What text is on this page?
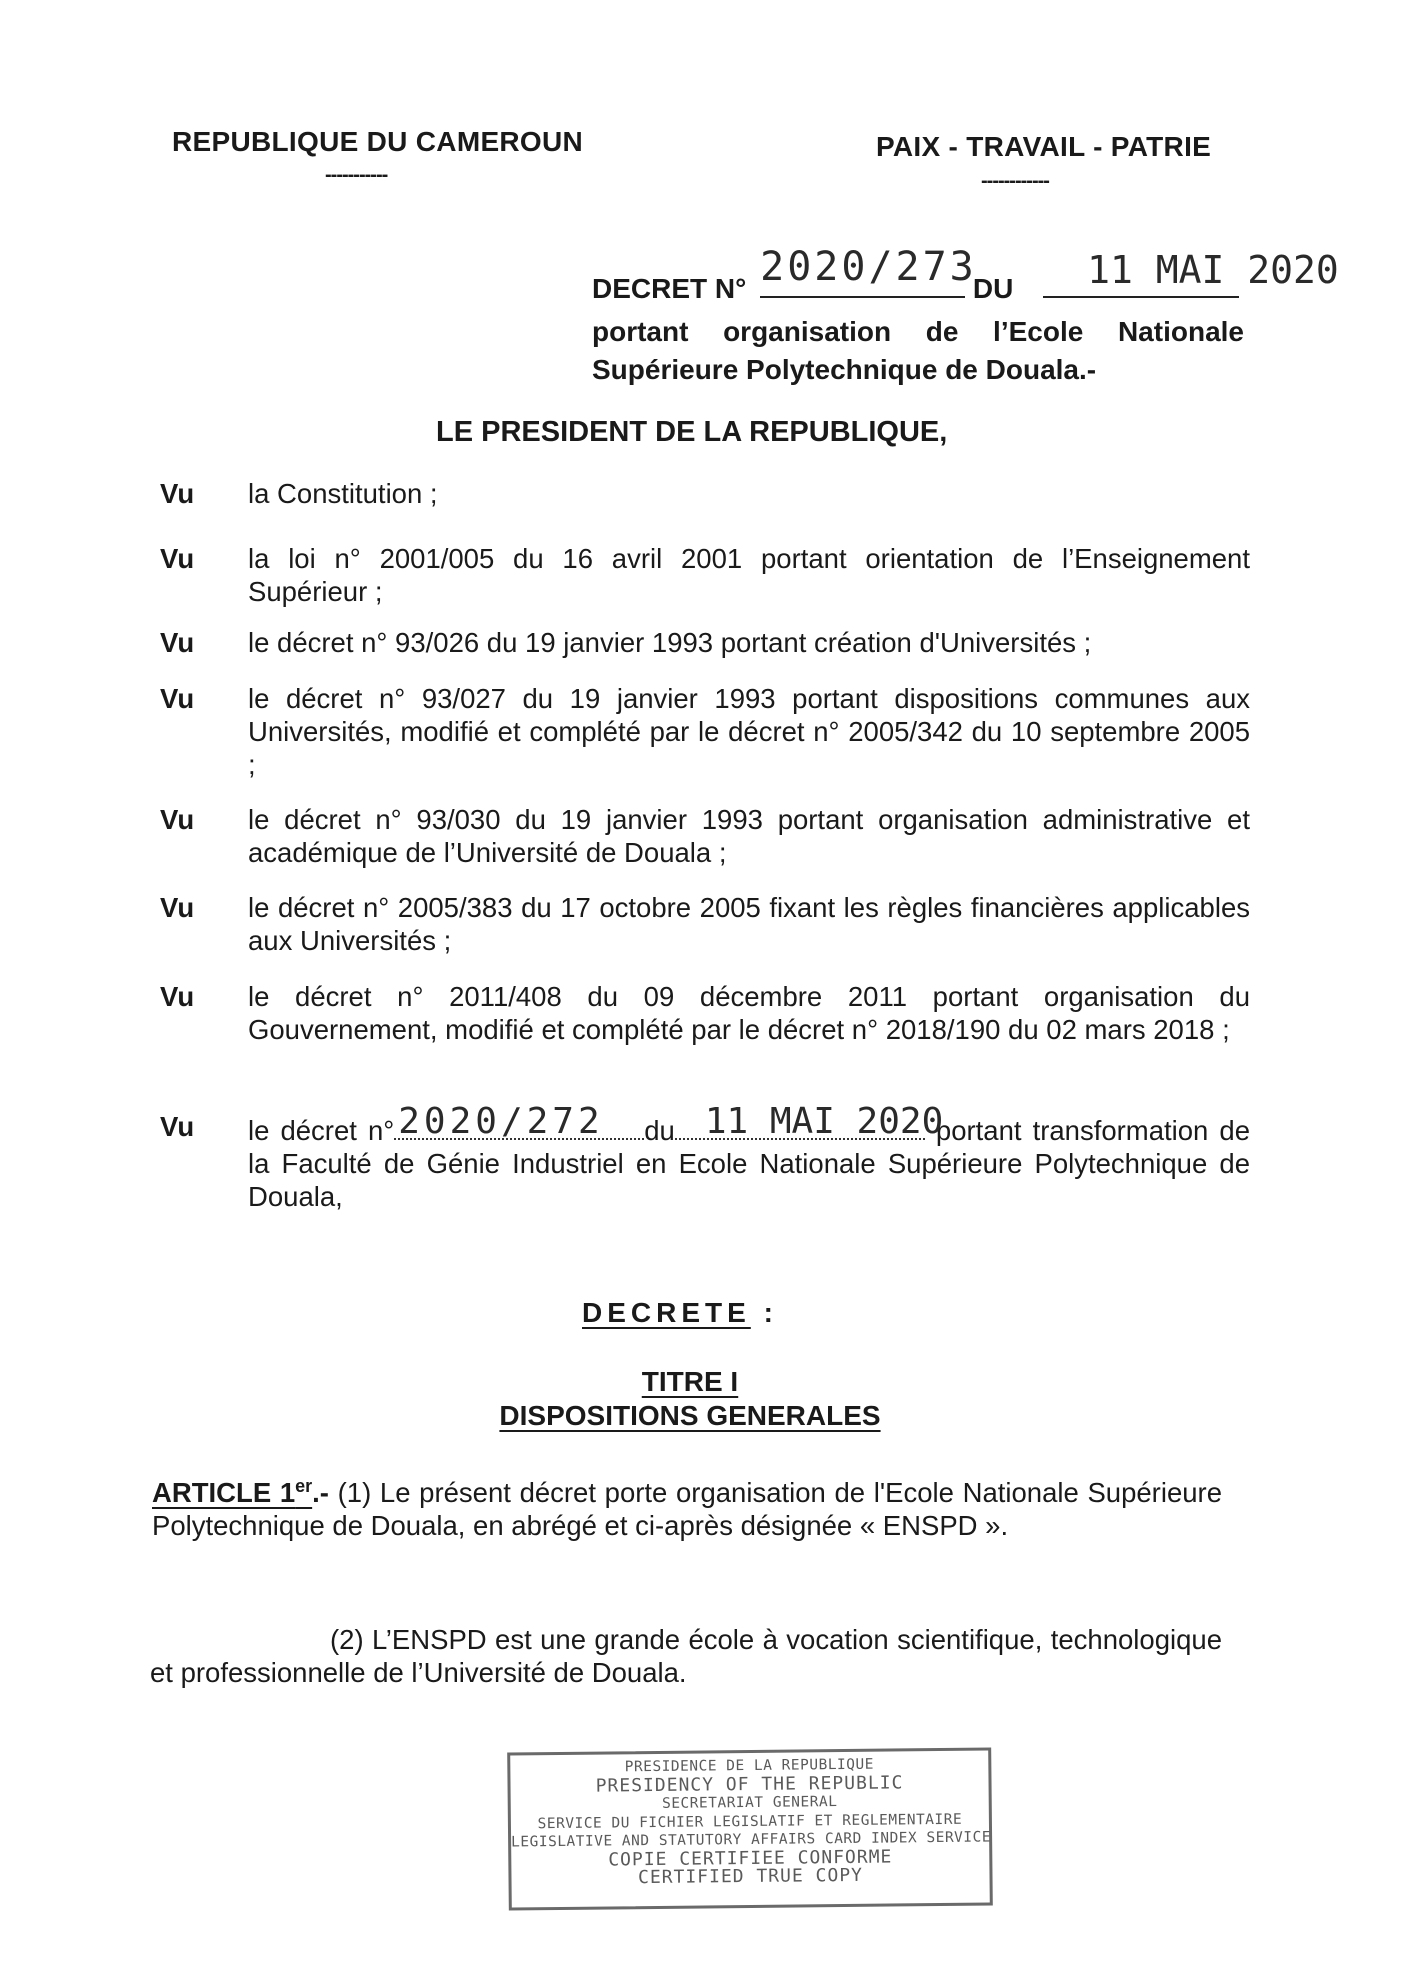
REPUBLIQUE DU CAMEROUN
-----------
PAIX - TRAVAIL - PATRIE
------------
DECRET N° 2020/273
DU 11 MAI 2020
portant organisation de l’Ecole Nationale Supérieure Polytechnique de Douala.-
LE PRESIDENT DE LA REPUBLIQUE,
Vu la Constitution ;
Vu la loi n° 2001/005 du 16 avril 2001 portant orientation de l’Enseignement Supérieur ;
Vu le décret n° 93/026 du 19 janvier 1993 portant création d'Universités ;
Vu le décret n° 93/027 du 19 janvier 1993 portant dispositions communes aux Universités, modifié et complété par le décret n° 2005/342 du 10 septembre 2005 ;
Vu le décret n° 93/030 du 19 janvier 1993 portant organisation administrative et académique de l’Université de Douala ;
Vu le décret n° 2005/383 du 17 octobre 2005 fixant les règles financières applicables aux Universités ;
Vu le décret n° 2011/408 du 09 décembre 2011 portant organisation du Gouvernement, modifié et complété par le décret n° 2018/190 du 02 mars 2018 ;
Vu le décret n° 2020/272 du 11 MAI 2020
portant transformation de la Faculté de Génie Industriel en Ecole Nationale Supérieure Polytechnique de Douala,
DECRETE :
TITRE I
DISPOSITIONS GENERALES
ARTICLE 1er.- (1) Le présent décret porte organisation de l'Ecole Nationale Supérieure Polytechnique de Douala, en abrégé et ci-après désignée « ENSPD ».
(2) L’ENSPD est une grande école à vocation scientifique, technologique et professionnelle de l’Université de Douala.
PRESIDENCE DE LA REPUBLIQUE
PRESIDENCY OF THE REPUBLIC
SECRETARIAT GENERAL
SERVICE DU FICHIER LEGISLATIF ET REGLEMENTAIRE
LEGISLATIVE AND STATUTORY AFFAIRS CARD INDEX SERVICE
COPIE CERTIFIEE CONFORME
CERTIFIED TRUE COPY
